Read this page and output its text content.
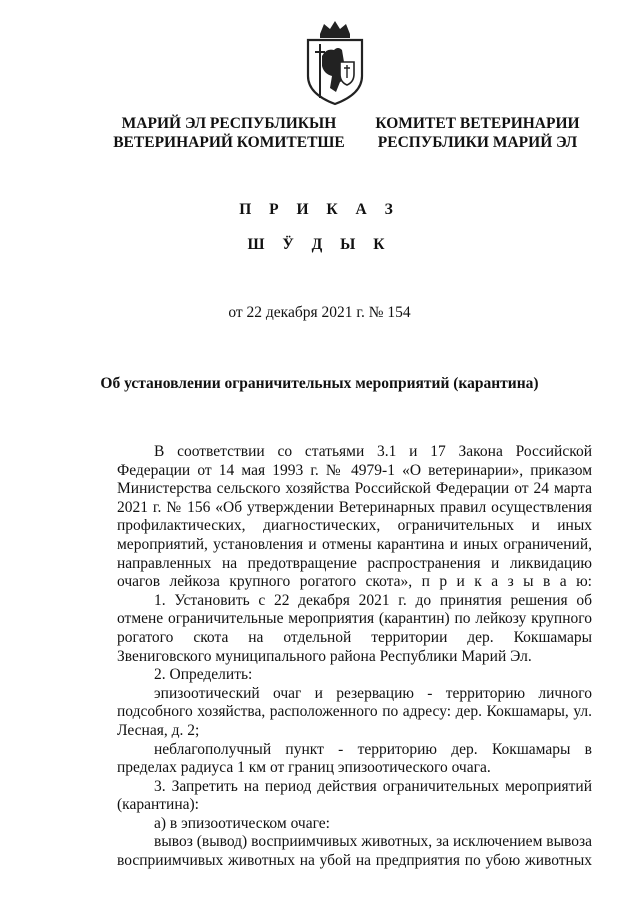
МАРИЙ ЭЛ РЕСПУБЛИКЫН
ВЕТЕРИНАРИЙ КОМИТЕТШЕ
КОМИТЕТ ВЕТЕРИНАРИИ
РЕСПУБЛИКИ МАРИЙ ЭЛ
П Р И К А З
Ш Ӱ Д Ы К
от 22 декабря 2021 г. № 154
Об установлении ограничительных мероприятий (карантина)

В соответствии со статьями 3.1 и 17 Закона Российской Федерации от 14 мая 1993 г. № 4979-1 «О ветеринарии», приказом Министерства сельского хозяйства Российской Федерации от 24 марта 2021 г. № 156 «Об утверждении Ветеринарных правил осуществления профилактических, диагностических, ограничительных и иных мероприятий, установления и отмены карантина и иных ограничений, направленных на предотвращение распространения и ликвидацию очагов лейкоза крупного рогатого скота», п р и к а з ы в а ю:

1. Установить с 22 декабря 2021 г. до принятия решения об отмене ограничительные мероприятия (карантин) по лейкозу крупного рогатого скота на отдельной территории дер. Кокшамары Звениговского муниципального района Республики Марий Эл.

2. Определить:

эпизоотический очаг и резервацию - территорию личного подсобного хозяйства, расположенного по адресу: дер. Кокшамары, ул. Лесная, д. 2;

неблагополучный пункт - территорию дер. Кокшамары в пределах радиуса 1 км от границ эпизоотического очага.

3. Запретить на период действия ограничительных мероприятий (карантина):

а) в эпизоотическом очаге:

вывоз (вывод) восприимчивых животных, за исключением вывоза восприимчивых животных на убой на предприятия по убою животных
